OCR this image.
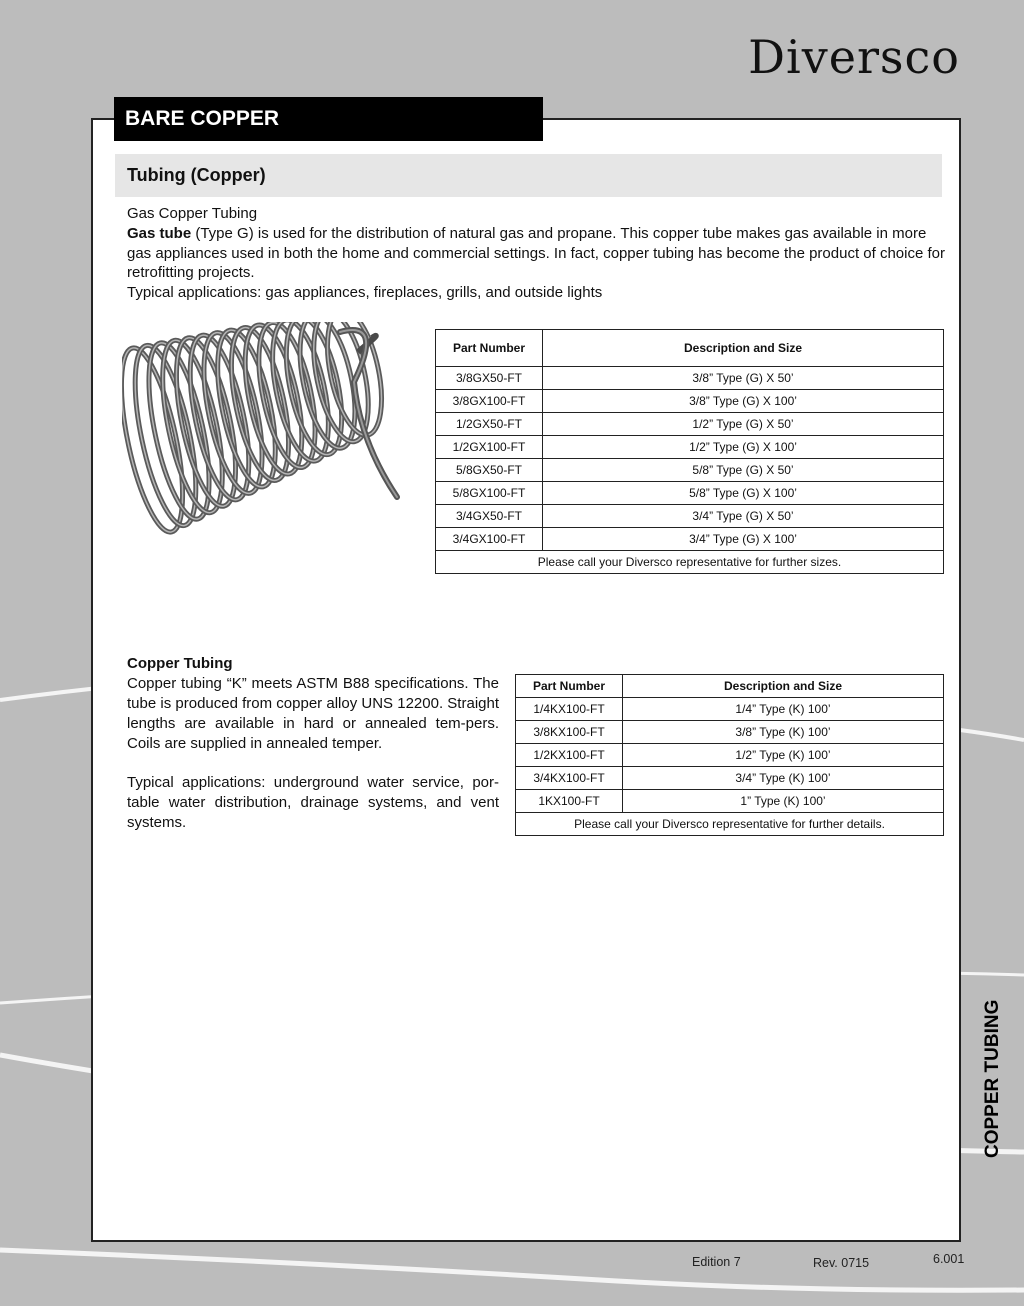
Diversco
BARE COPPER
Tubing (Copper)

Gas Copper Tubing

Gas tube (Type G) is used for the distribution of natural gas and propane. This copper tube makes gas available in more gas appliances used in both the home and commercial settings. In fact, copper tubing has become the product of choice for retrofitting projects.

Typical applications: gas appliances, fireplaces, grills, and outside lights

Part Number	Description and Size
3/8GX50-FT	3/8” Type (G) X 50’
3/8GX100-FT	3/8” Type (G) X 100’
1/2GX50-FT	1/2” Type (G) X 50’
1/2GX100-FT	1/2” Type (G) X 100’
5/8GX50-FT	5/8” Type (G) X 50’
5/8GX100-FT	5/8” Type (G) X 100’
3/4GX50-FT	3/4” Type (G) X 50’
3/4GX100-FT	3/4” Type (G) X 100’
Please call your Diversco representative for further sizes.	

Copper Tubing

Copper tubing “K” meets ASTM B88 specifications. The tube is produced from copper alloy UNS 12200. Straight lengths are available in hard or annealed tem-pers. Coils are supplied in annealed temper.

Typical applications: underground water service, por-table water distribution, drainage systems, and vent systems.

Part Number	Description and Size
1/4KX100-FT	1/4” Type (K) 100’
3/8KX100-FT	3/8” Type (K) 100’
1/2KX100-FT	1/2” Type (K) 100’
3/4KX100-FT	3/4” Type (K) 100’
1KX100-FT	1” Type (K) 100’
Please call your Diversco representative for further details.	
COPPER TUBING
Edition 7	Rev. 0715	6.001
